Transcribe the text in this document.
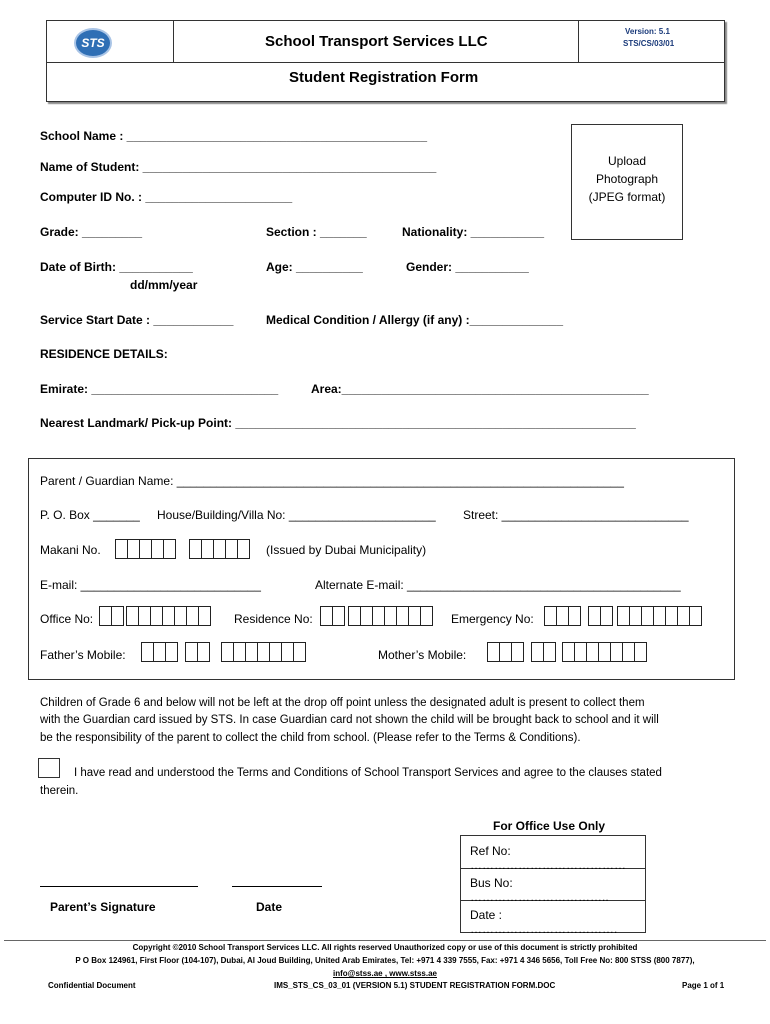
STS	School Transport Services LLC
Version: 5.1
STS/CS/03/01
Student Registration Form
Upload
Photograph
(JPEG format)
School Name : _____________________________________________
Name of Student: ____________________________________________
Computer ID No. : ______________________
Grade: _________	Section : _______	Nationality: ___________
Date of Birth: ___________
dd/mm/year
Age: __________	Gender: ___________
Service Start Date : ____________	Medical Condition / Allergy (if any) :______________
RESIDENCE DETAILS:
Emirate: ____________________________	Area:______________________________________________
Nearest Landmark/ Pick-up Point: ____________________________________________________________
Parent / Guardian Name: ___________________________________________________________________
P. O. Box _______ House/Building/Villa No: ______________________ Street: ____________________________
Makani No.	(Issued by Dubai Municipality)
E-mail: ___________________________	Alternate E-mail: _________________________________________
Office No:	Residence No:	Emergency No:
Father’s Mobile:	Mother’s Mobile:
Children of Grade 6 and below will not be left at the drop off point unless the designated adult is present to collect them
with the Guardian card issued by STS. In case Guardian card not shown the child will be brought back to school and it will
be the responsibility of the parent to collect the child from school. (Please refer to the Terms & Conditions).
I have read and understood the Terms and Conditions of School Transport Services and agree to the clauses stated
therein.
For Office Use Only
Ref No: …………………………………
Bus No: ……………………………..
Date : ……………………………….
Parent’s Signature	Date
Copyright ©2010 School Transport Services LLC. All rights reserved Unauthorized copy or use of this document is strictly prohibited
P O Box 124961, First Floor (104-107), Dubai, Al Joud Building, United Arab Emirates, Tel: +971 4 339 7555, Fax: +971 4 346 5656, Toll Free No: 800 STSS (800 7877),
info@stss.ae , www.stss.ae
Confidential Document	IMS_STS_CS_03_01 (VERSION 5.1) STUDENT REGISTRATION FORM.DOC	Page 1 of 1
